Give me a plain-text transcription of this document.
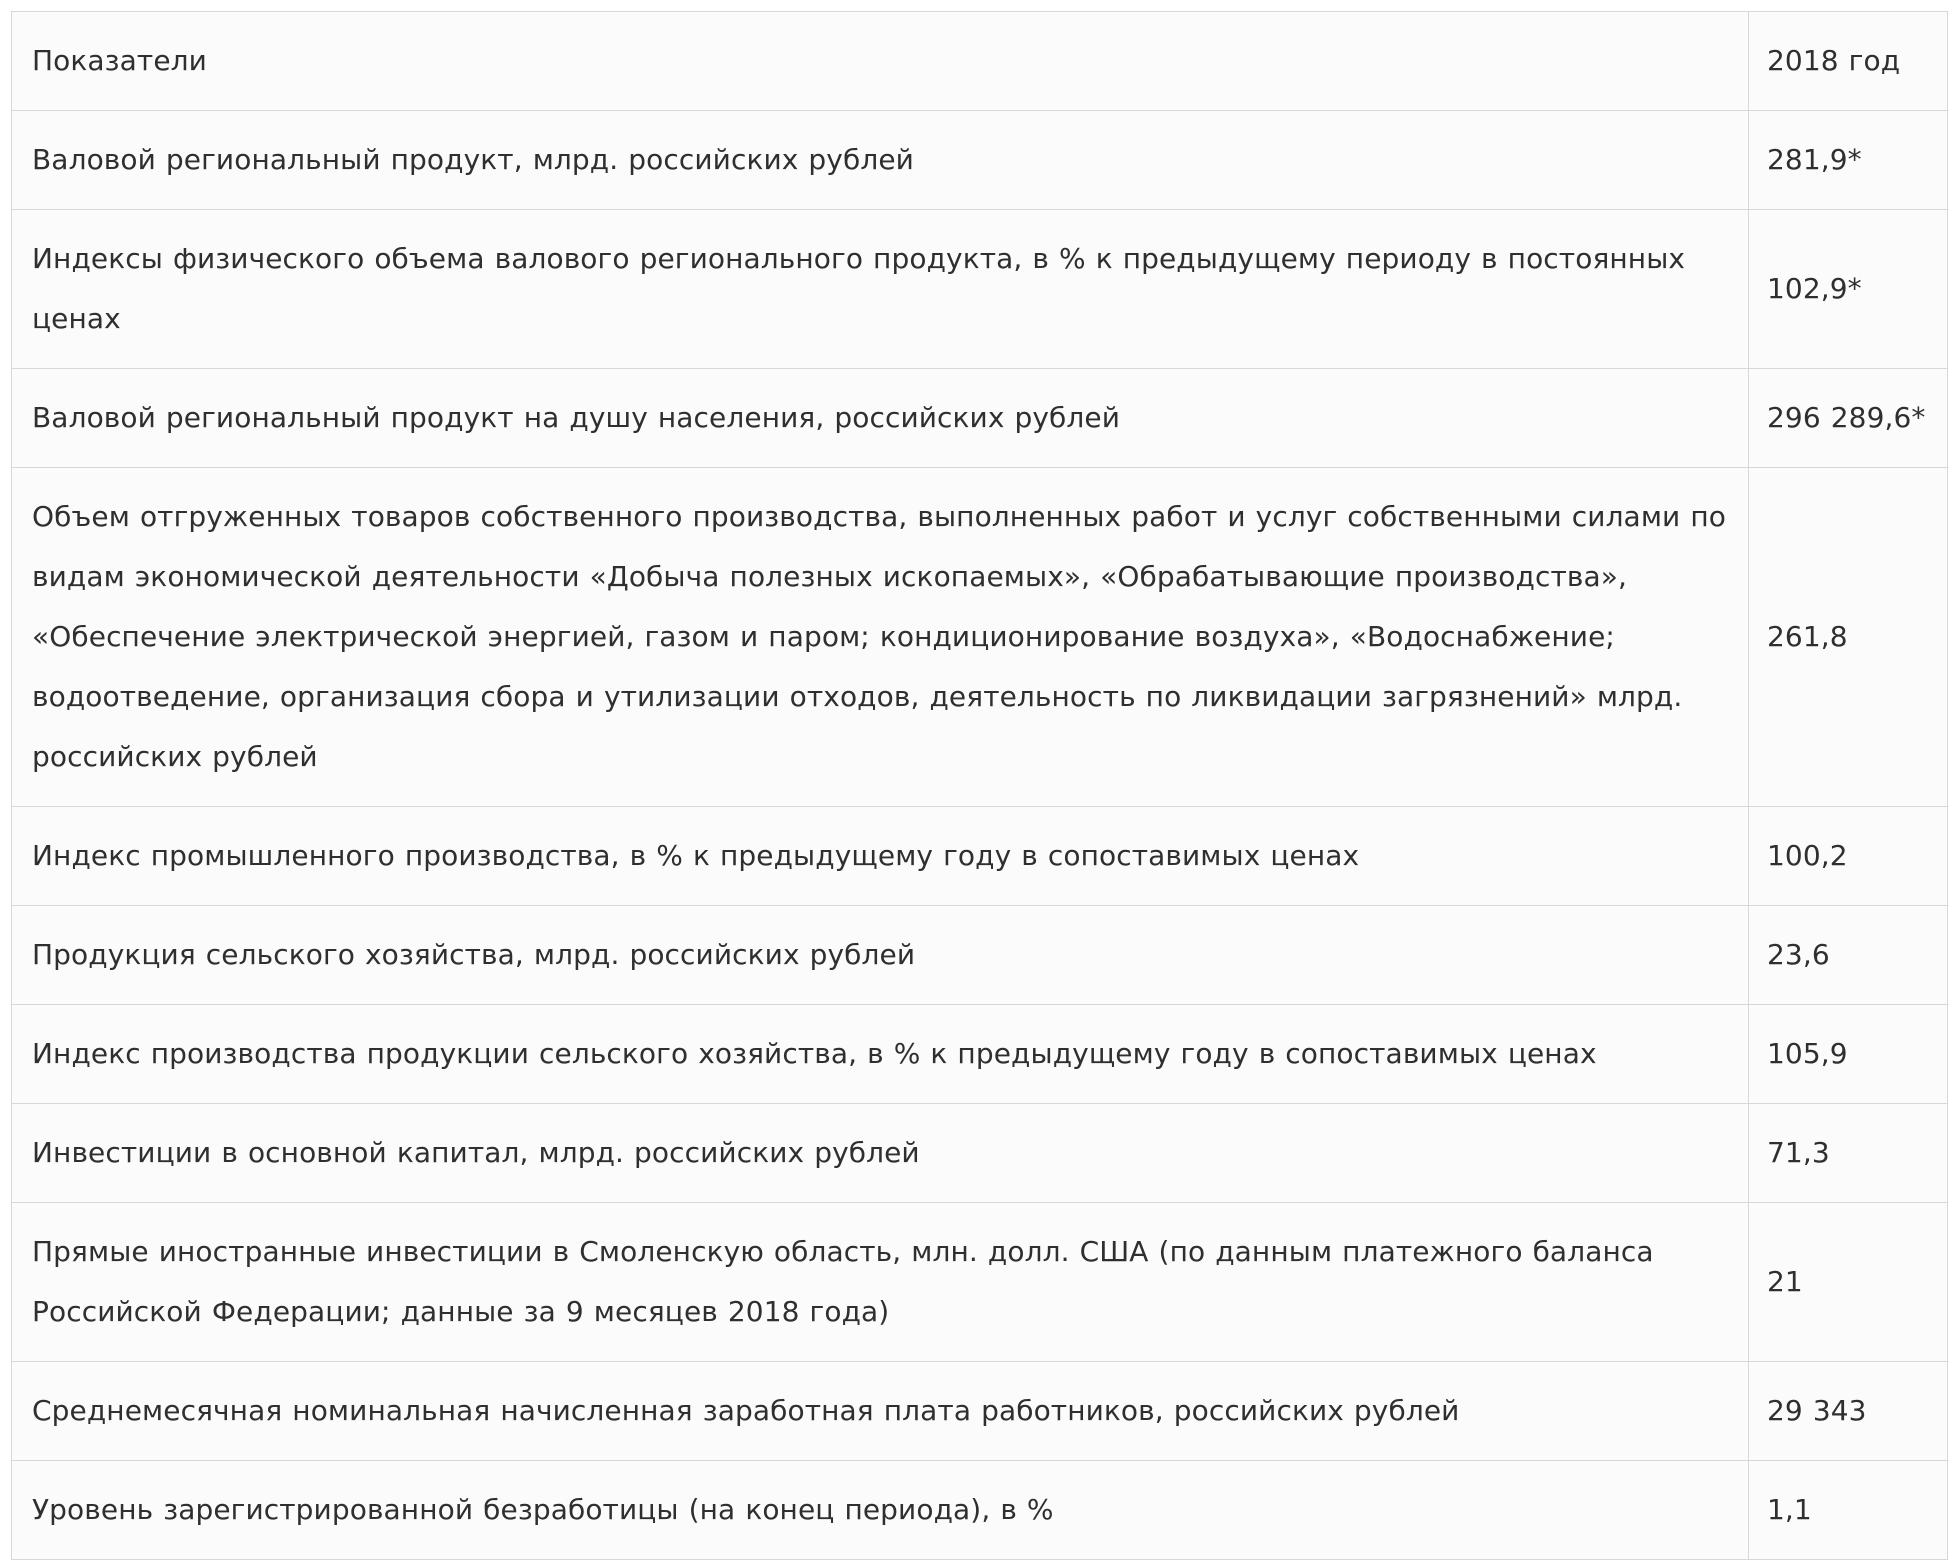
Показатели	2018 год
Валовой региональный продукт, млрд. российских рублей	281,9*
Индексы физического объема валового регионального продукта, в % к предыдущему периоду в постоянных ценах	102,9*
Валовой региональный продукт на душу населения, российских рублей	296 289,6*
Объем отгруженных товаров собственного производства, выполненных работ и услуг собственными силами по видам экономической деятельности «Добыча полезных ископаемых», «Обрабатывающие производства», «Обеспечение электрической энергией, газом и паром; кондиционирование воздуха», «Водоснабжение; водоотведение, организация сбора и утилизации отходов, деятельность по ликвидации загрязнений» млрд. российских рублей	261,8
Индекс промышленного производства, в % к предыдущему году в сопоставимых ценах	100,2
Продукция сельского хозяйства, млрд. российских рублей	23,6
Индекс производства продукции сельского хозяйства, в % к предыдущему году в сопоставимых ценах	105,9
Инвестиции в основной капитал, млрд. российских рублей	71,3
Прямые иностранные инвестиции в Смоленскую область, млн. долл. США (по данным платежного баланса Российской Федерации; данные за 9 месяцев 2018 года)	21
Среднемесячная номинальная начисленная заработная плата работников, российских рублей	29 343
Уровень зарегистрированной безработицы (на конец периода), в %	1,1
